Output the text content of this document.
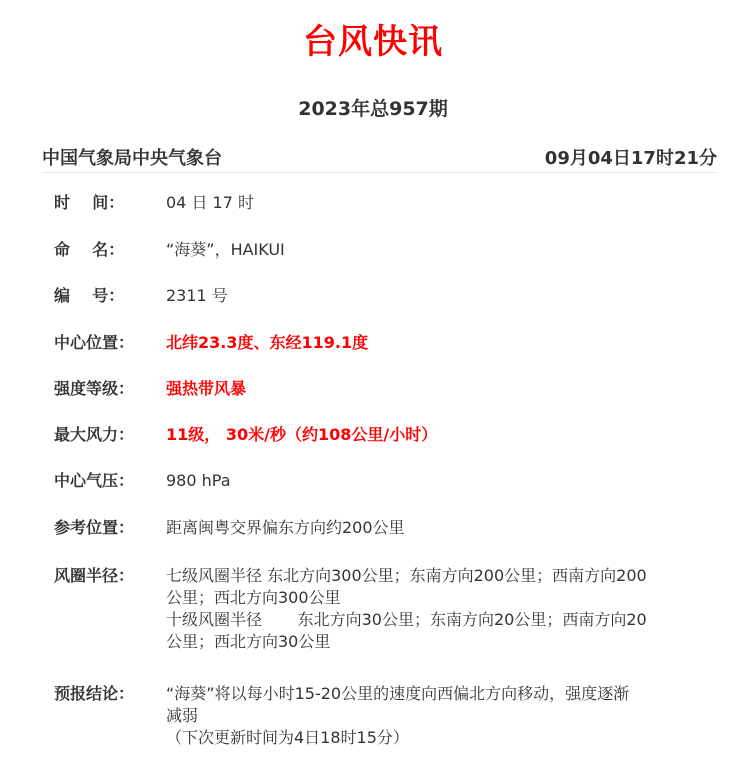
台风快讯
2023年总957期
中国气象局中央气象台	09月04日17时21分
时    间：	04 日 17 时
命    名：	“海葵”，HAIKUI
编    号：	2311 号
中心位置：	北纬23.3度、东经119.1度
强度等级：	强热带风暴
最大风力：	11级， 30米/秒（约108公里/小时）
中心气压：	980 hPa
参考位置：	距离闽粤交界偏东方向约200公里
风圈半径：	七级风圈半径 东北方向300公里；东南方向200公里；西南方向200
公里；西北方向300公里
十级风圈半径       东北方向30公里；东南方向20公里；西南方向20
公里；西北方向30公里
预报结论：	“海葵”将以每小时15-20公里的速度向西偏北方向移动，强度逐渐
减弱
（下次更新时间为4日18时15分）
